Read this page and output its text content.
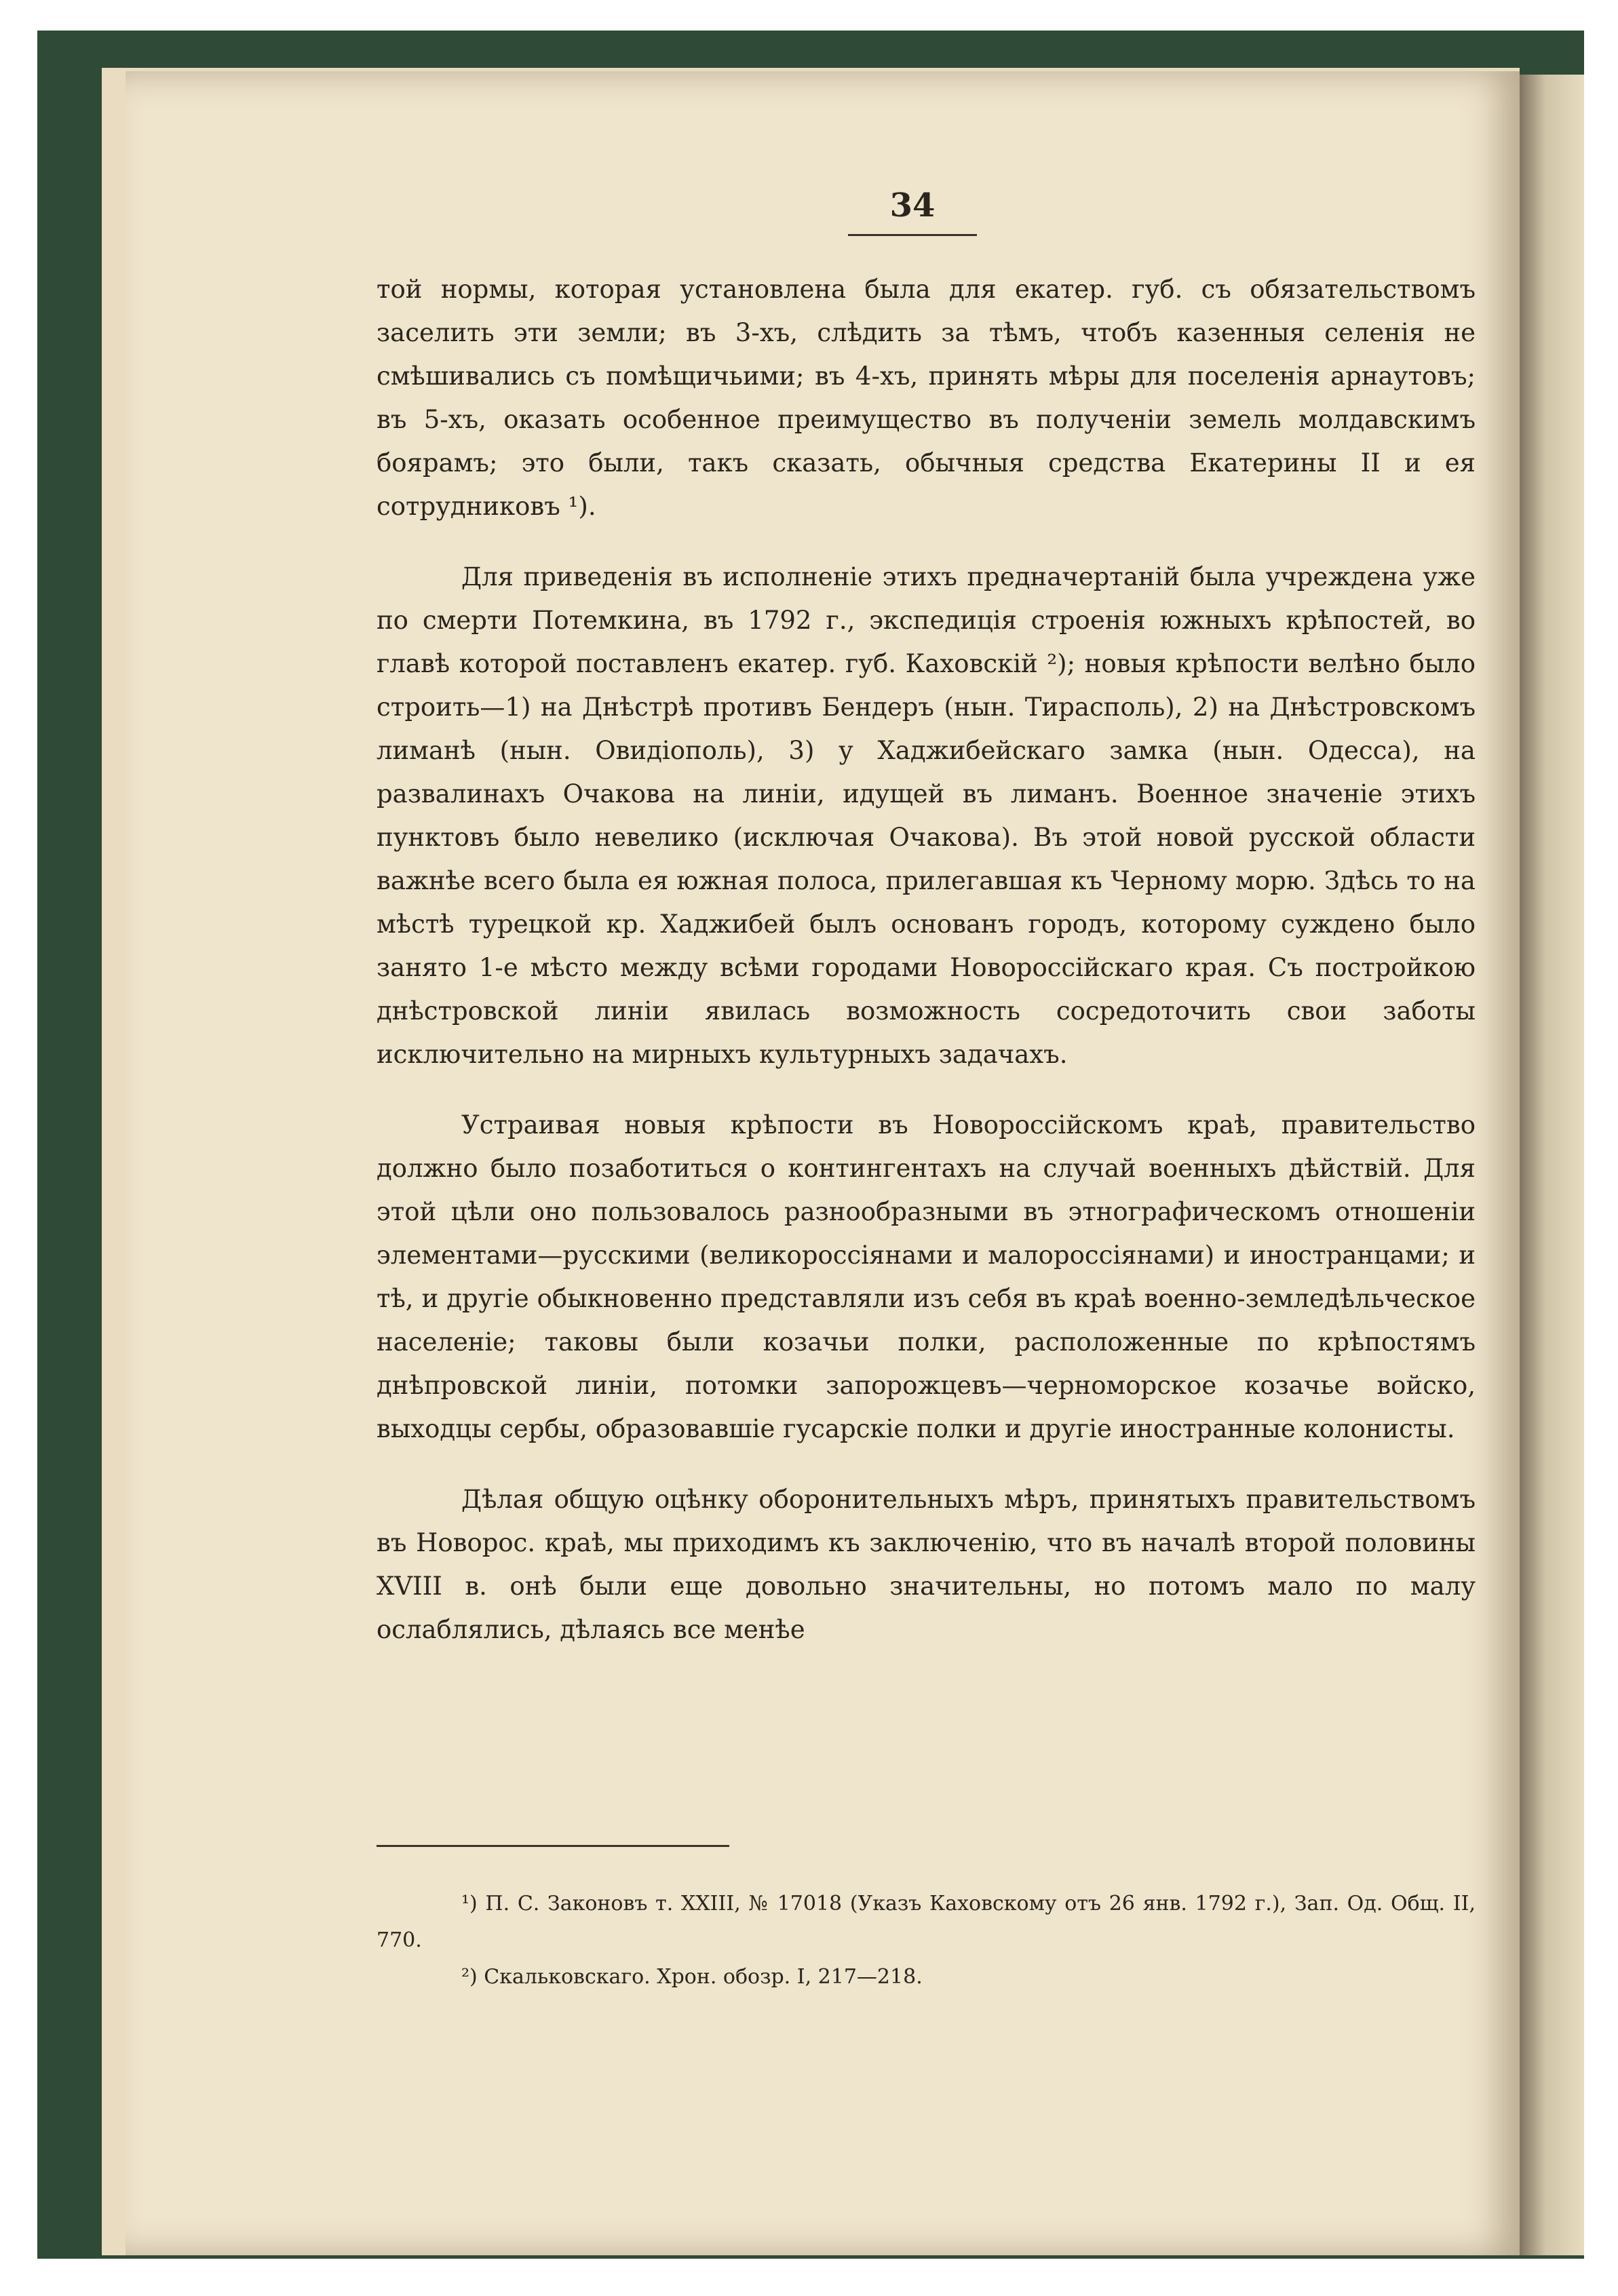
34

той нормы, которая установлена была для екатер. губ. съ обязательствомъ заселить эти земли; въ 3-хъ, слѣдить за тѣмъ, чтобъ казенныя селенія не смѣшивались съ помѣщичьими; въ 4-хъ, принять мѣры для поселенія арнаутовъ; въ 5-хъ, оказать особенное преимущество въ полученіи земель молдавскимъ боярамъ; это были, такъ сказать, обычныя средства Екатерины II и ея сотрудниковъ ¹).

Для приведенія въ исполненіе этихъ предначертаній была учреждена уже по смерти Потемкина, въ 1792 г., экспедиція строенія южныхъ крѣпостей, во главѣ которой поставленъ екатер. губ. Каховскій ²); новыя крѣпости велѣно было строить—1) на Днѣстрѣ противъ Бендеръ (нын. Тирасполь), 2) на Днѣстровскомъ лиманѣ (нын. Овидіополь), 3) у Хаджибейскаго замка (нын. Одесса), на развалинахъ Очакова на линіи, идущей въ лиманъ. Военное значеніе этихъ пунктовъ было невелико (исключая Очакова). Въ этой новой русской области важнѣе всего была ея южная полоса, прилегавшая къ Черному морю. Здѣсь то на мѣстѣ турецкой кр. Хаджибей былъ основанъ городъ, которому суждено было занято 1-е мѣсто между всѣми городами Новороссійскаго края. Съ постройкою днѣстровской линіи явилась возможность сосредоточить свои заботы исключительно на мирныхъ культурныхъ задачахъ.

Устраивая новыя крѣпости въ Новороссійскомъ краѣ, правительство должно было позаботиться о контингентахъ на случай военныхъ дѣйствій. Для этой цѣли оно пользовалось разнообразными въ этнографическомъ отношеніи элементами—русскими (великороссіянами и малороссіянами) и иностранцами; и тѣ, и другіе обыкновенно представляли изъ себя въ краѣ военно-земледѣльческое населеніе; таковы были козачьи полки, расположенные по крѣпостямъ днѣпровской линіи, потомки запорожцевъ—черноморское козачье войско, выходцы сербы, образовавшіе гусарскіе полки и другіе иностранные колонисты.

Дѣлая общую оцѣнку оборонительныхъ мѣръ, принятыхъ правительствомъ въ Новорос. краѣ, мы приходимъ къ заключенію, что въ началѣ второй половины XVIII в. онѣ были еще довольно значительны, но потомъ мало по малу ослаблялись, дѣлаясь все менѣе

¹) П. С. Законовъ т. XXIII, № 17018 (Указъ Каховскому отъ 26 янв. 1792 г.), Зап. Од. Общ. II, 770.

²) Скальковскаго. Хрон. обозр. I, 217—218.
